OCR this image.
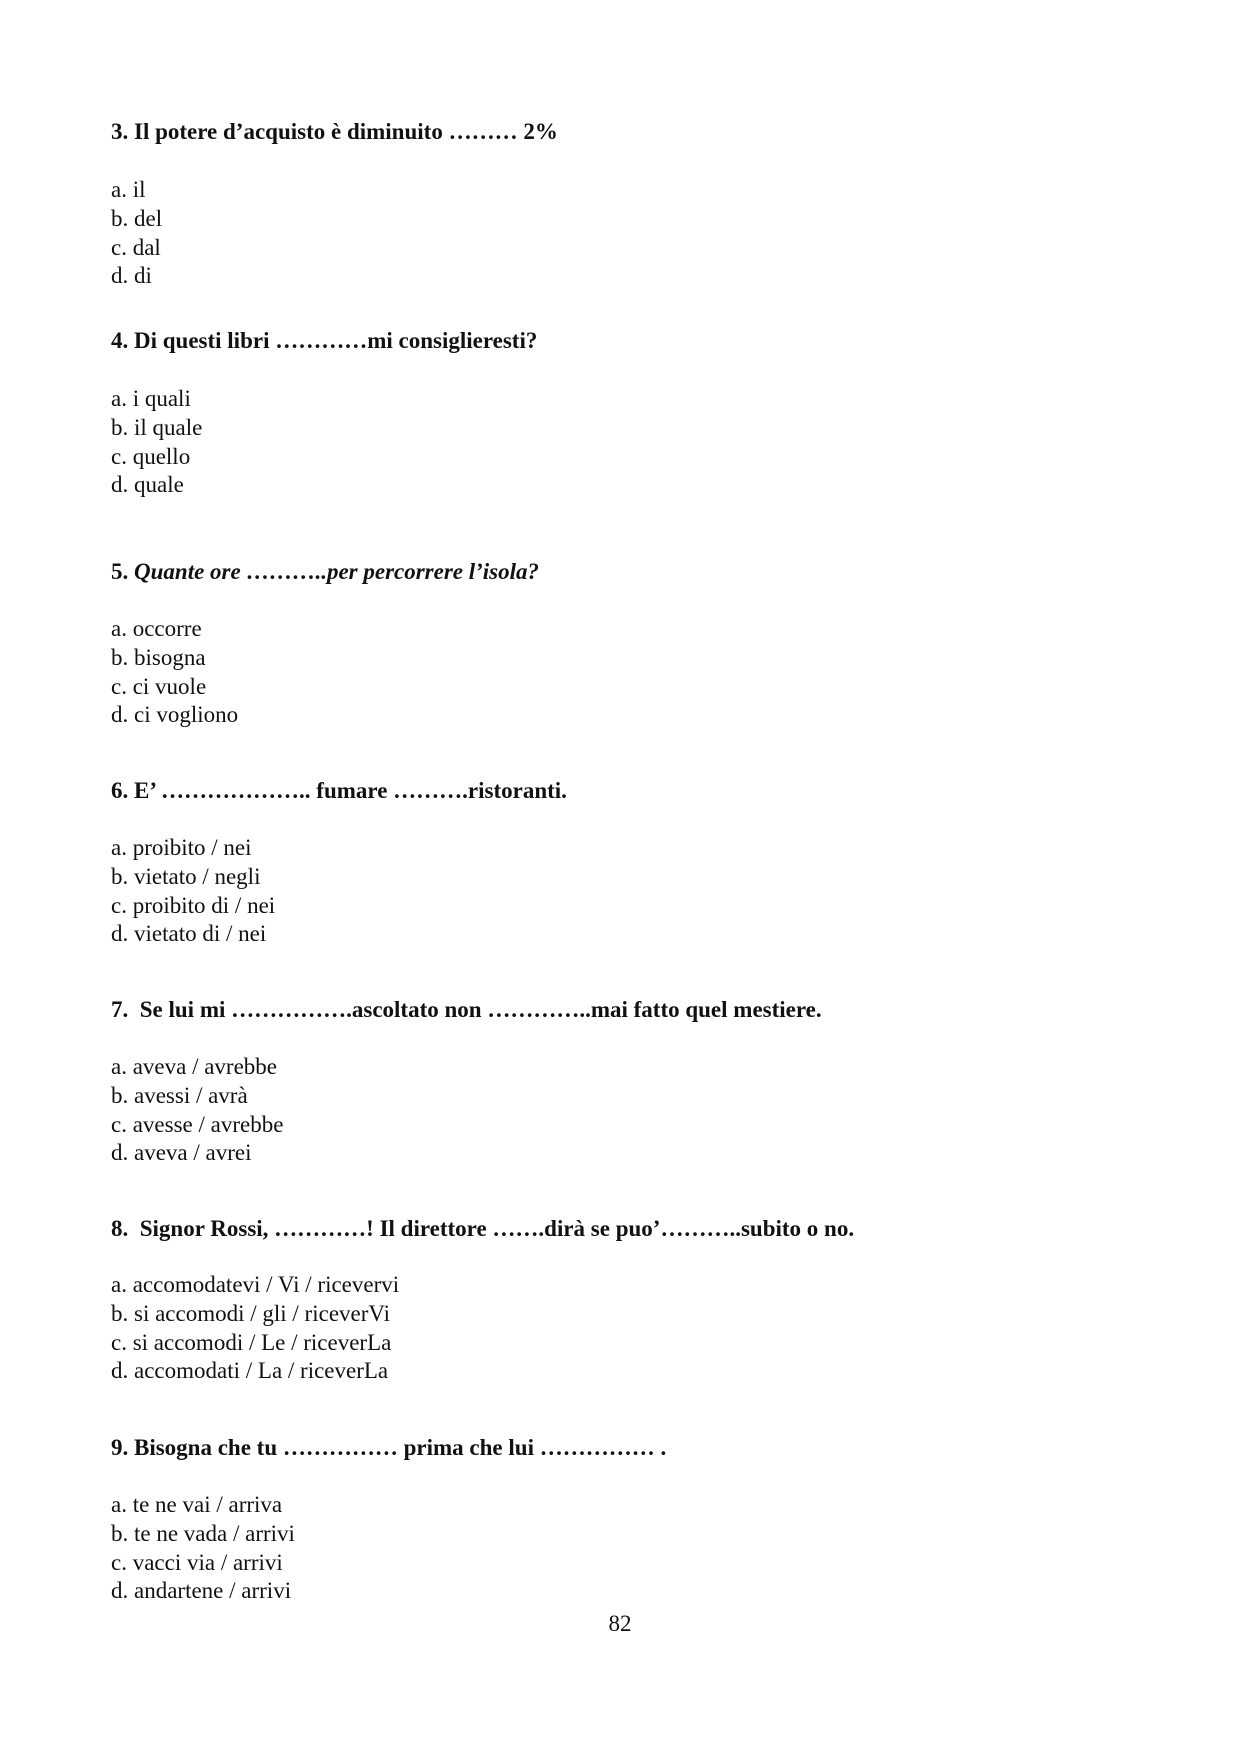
3. Il potere d’acquisto è diminuito ……… 2%

a. il
b. del
c. dal
d. di

4. Di questi libri …………mi consiglieresti?

a. i quali
b. il quale
c. quello
d. quale

5. Quante ore ………..per percorrere l’isola?

a. occorre
b. bisogna
c. ci vuole
d. ci vogliono

6. E’ ……………….. fumare ……….ristoranti.

a. proibito / nei
b. vietato / negli
c. proibito di / nei
d. vietato di / nei

7.  Se lui mi …………….ascoltato non …………..mai fatto quel mestiere.

a. aveva / avrebbe
b. avessi / avrà
c. avesse / avrebbe
d. aveva / avrei

8.  Signor Rossi, …………! Il direttore …….dirà se puo’………..subito o no.

a. accomodatevi / Vi / ricevervi
b. si accomodi / gli / riceverVi
c. si accomodi / Le / riceverLa
d. accomodati / La / riceverLa

9. Bisogna che tu …………… prima che lui …………… .

a. te ne vai / arriva
b. te ne vada / arrivi
c. vacci via / arrivi
d. andartene / arrivi
82
